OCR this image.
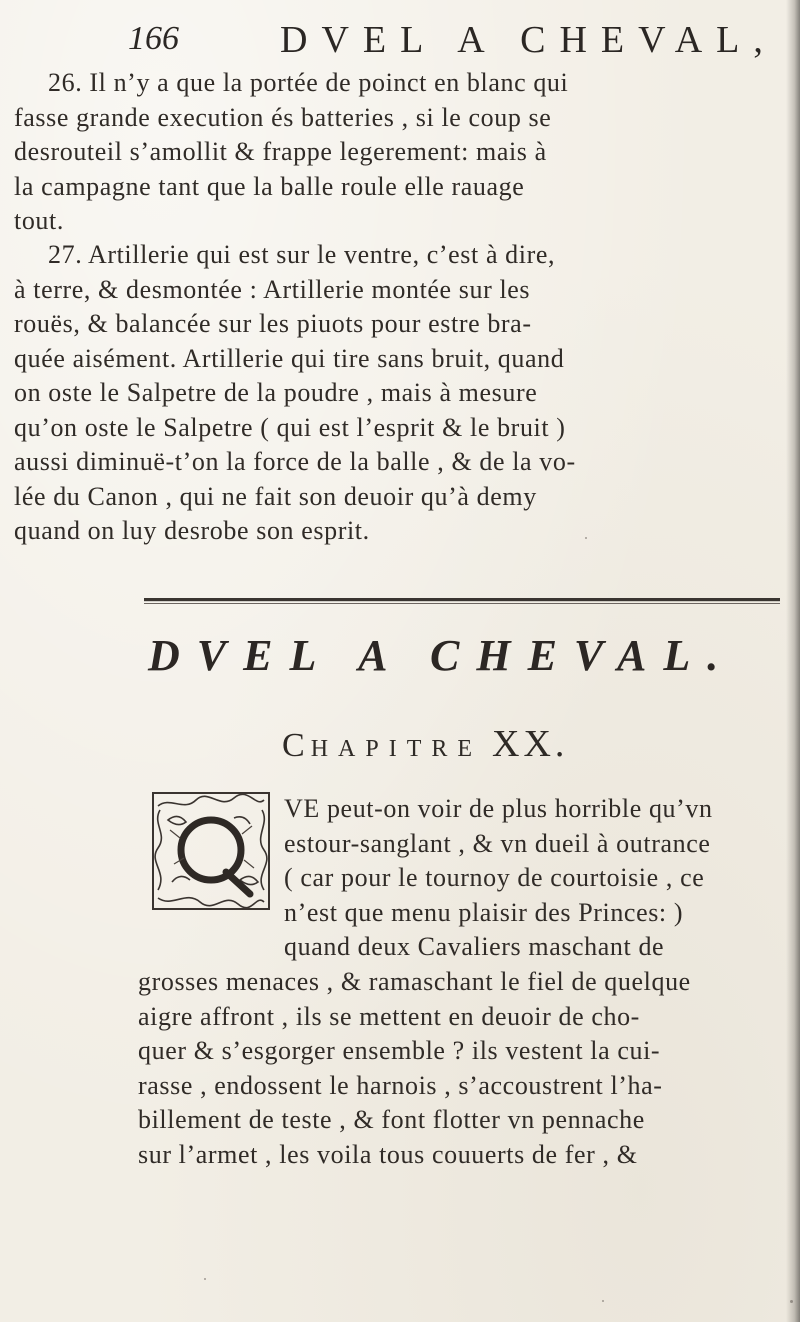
166	DVEL A CHEVAL,
26. Il n’y a que la portée de poinct en blanc qui
fasse grande execution és batteries , si le coup se
desrouteil s’amollit & frappe legerement: mais à
la campagne tant que la balle roule elle rauage
tout.
27. Artillerie qui est sur le ventre, c’est à dire,
à terre, & desmontée : Artillerie montée sur les
rouës, & balancée sur les piuots pour estre bra-
quée aisément. Artillerie qui tire sans bruit, quand
on oste le Salpetre de la poudre , mais à mesure
qu’on oste le Salpetre ( qui est l’esprit & le bruit )
aussi diminuë-t’on la force de la balle , & de la vo-
lée du Canon , qui ne fait son deuoir qu’à demy
quand on luy desrobe son esprit.
DVEL A CHEVAL.
CHAPITRE XX.
VE peut-on voir de plus horrible qu’vn
estour-sanglant , & vn dueil à outrance
( car pour le tournoy de courtoisie , ce
n’est que menu plaisir des Princes: )
quand deux Cavaliers maschant de
grosses menaces , & ramaschant le fiel de quelque
aigre affront , ils se mettent en deuoir de cho-
quer & s’esgorger ensemble ? ils vestent la cui-
rasse , endossent le harnois , s’accoustrent l’ha-
billement de teste , & font flotter vn pennache
sur l’armet , les voila tous couuerts de fer , &
